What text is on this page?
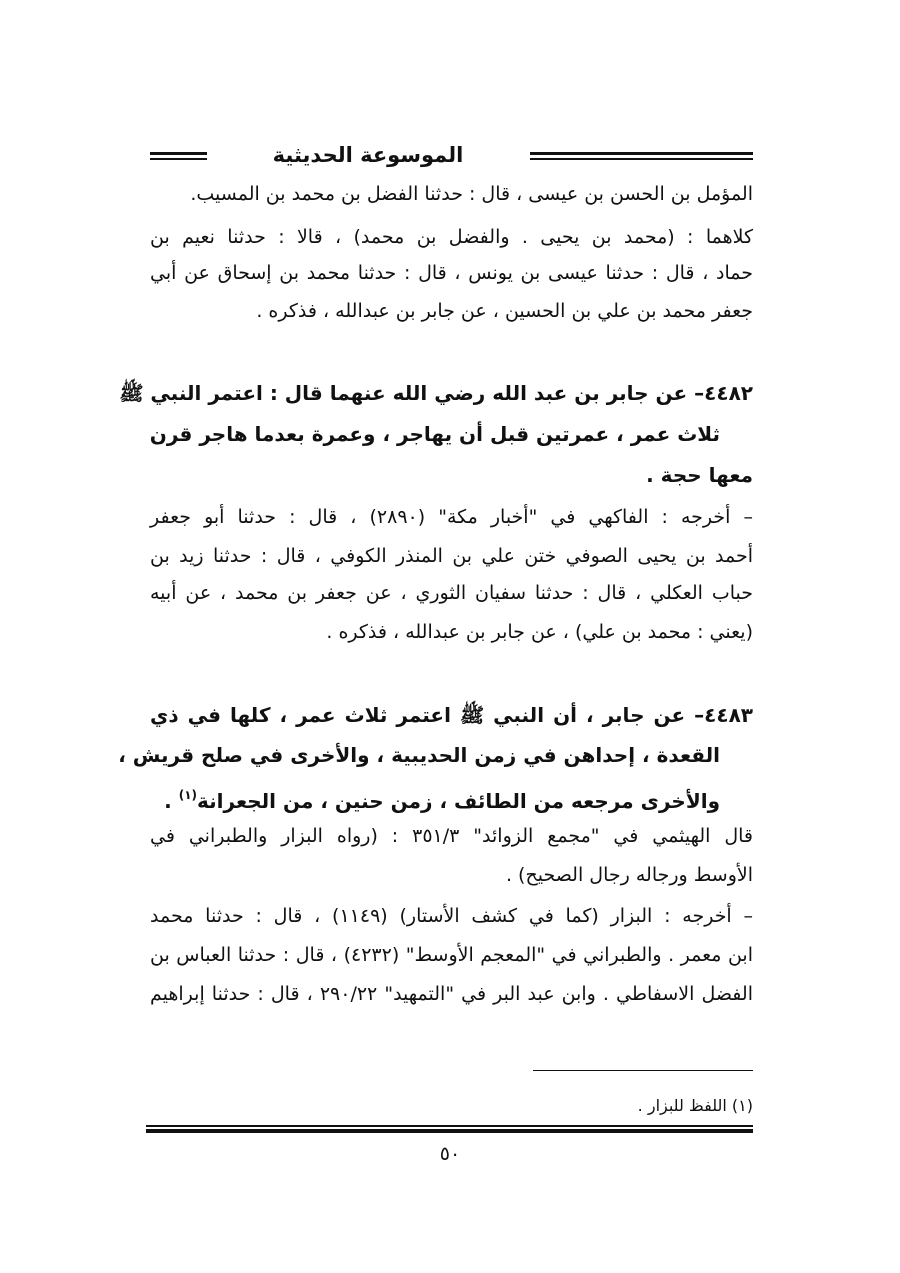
الموسوعة الحديثية
المؤمل بن الحسن بن عيسى ، قال : حدثنا الفضل بن محمد بن المسيب.
كلاهما : (محمد بن يحيى . والفضل بن محمد) ، قالا : حدثنا نعيم بن
حماد ، قال : حدثنا عيسى بن يونس ، قال : حدثنا محمد بن إسحاق عن أبي
جعفر محمد بن علي بن الحسين ، عن جابر بن عبدالله ، فذكره .
٤٤٨٢– عن جابر بن عبد الله رضي الله عنهما قال : اعتمر النبي ﷺ
ثلاث عمر ، عمرتين قبل أن يهاجر ، وعمرة بعدما هاجر قرن
معها حجة .
– أخرجه : الفاكهي في "أخبار مكة" (٢٨٩٠) ، قال : حدثنا أبو جعفر
أحمد بن يحيى الصوفي ختن علي بن المنذر الكوفي ، قال : حدثنا زيد بن
حباب العكلي ، قال : حدثنا سفيان الثوري ، عن جعفر بن محمد ، عن أبيه
(يعني : محمد بن علي) ، عن جابر بن عبدالله ، فذكره .
٤٤٨٣– عن جابر ، أن النبي ﷺ اعتمر ثلاث عمر ، كلها في ذي
القعدة ، إحداهن في زمن الحديبية ، والأخرى في صلح قريش ،
والأخرى مرجعه من الطائف ، زمن حنين ، من الجعرانة$^{(١)}$ .
قال الهيثمي في "مجمع الزوائد" ٣٥١/٣ : (رواه البزار والطبراني في
الأوسط ورجاله رجال الصحيح) .
– أخرجه : البزار (كما في كشف الأستار) (١١٤٩) ، قال : حدثنا محمد
ابن معمر . والطبراني في "المعجم الأوسط" (٤٢٣٢) ، قال : حدثنا العباس بن
الفضل الاسفاطي . وابن عبد البر في "التمهيد" ٢٩٠/٢٢ ، قال : حدثنا إبراهيم
(١) اللفظ للبزار .
٥٠
